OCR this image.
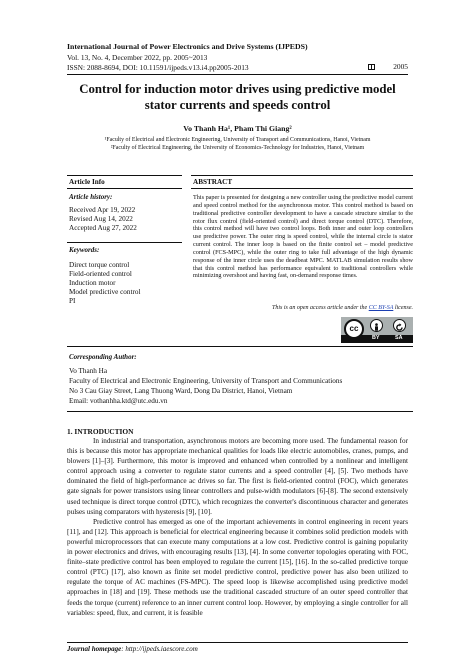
International Journal of Power Electronics and Drive Systems (IJPEDS)
Vol. 13, No. 4, December 2022, pp. 2005~2013
ISSN: 2088-8694, DOI: 10.11591/ijpeds.v13.i4.pp2005-2013	2005
Control for induction motor drives using predictive model
stator currents and speeds control
Vo Thanh Ha¹, Pham Thi Giang²
¹Faculty of Electrical and Electronic Engineering, University of Transport and Communications, Hanoi, Vietnam
²Faculty of Electrical Engineering, the University of Economics-Technology for Industries, Hanoi, Vietnam
Article Info
Article history:
Received Apr 19, 2022
Revised Aug 14, 2022
Accepted Aug 27, 2022
Keywords:
Direct torque control
Field-oriented control
Induction motor
Model predictive control
PI
ABSTRACT
This paper is presented for designing a new controller using the predictive model current and speed control method for the asynchronous motor. This control method is based on traditional predictive controller development to have a cascade structure similar to the rotor flux control (field-oriented control) and direct torque control (DTC). Therefore, this control method will have two control loops. Both inner and outer loop controllers use predictive power. The outer ring is speed control, while the internal circle is stator current control. The inner loop is based on the finite control set – model predictive control (FCS-MPC), while the outer ring to take full advantage of the high dynamic response of the inner circle uses the deadbeat MPC. MATLAB simulation results show that this control method has performance equivalent to traditional controllers while minimizing overshoot and having fast, on-demand response times.
This is an open access article under the CC BY-SA license.
cc
BY	SA
Corresponding Author:
Vo Thanh Ha
Faculty of Electrical and Electronic Engineering, University of Transport and Communications
No 3 Cau Giay Street, Lang Thuong Ward, Dong Da District, Hanoi, Vietnam
Email: vothanhha.ktd@utc.edu.vn
1. INTRODUCTION

In industrial and transportation, asynchronous motors are becoming more used. The fundamental reason for this is because this motor has appropriate mechanical qualities for loads like electric automobiles, cranes, pumps, and blowers [1]–[3]. Furthermore, this motor is improved and enhanced when controlled by a nonlinear and intelligent control approach using a converter to regulate stator currents and a speed controller [4], [5]. Two methods have dominated the field of high-performance ac drives so far. The first is field-oriented control (FOC), which generates gate signals for power transistors using linear controllers and pulse-width modulators [6]-[8]. The second extensively used technique is direct torque control (DTC), which recognizes the converter's discontinuous character and generates pulses using comparators with hysteresis [9], [10].

Predictive control has emerged as one of the important achievements in control engineering in recent years [11], and [12]. This approach is beneficial for electrical engineering because it combines solid prediction models with powerful microprocessors that can execute many computations at a low cost. Predictive control is gaining popularity in power electronics and drives, with encouraging results [13], [4]. In some converter topologies operating with FOC, finite–state predictive control has been employed to regulate the current [15], [16]. In the so-called predictive torque control (PTC) [17], also known as finite set model predictive control, predictive power has also been utilized to regulate the torque of AC machines (FS-MPC). The speed loop is likewise accomplished using predictive model approaches in [18] and [19]. These methods use the traditional cascaded structure of an outer speed controller that feeds the torque (current) reference to an inner current control loop. However, by employing a single controller for all variables: speed, flux, and current, it is feasible

Journal homepage: http://ijpeds.iaescore.com
